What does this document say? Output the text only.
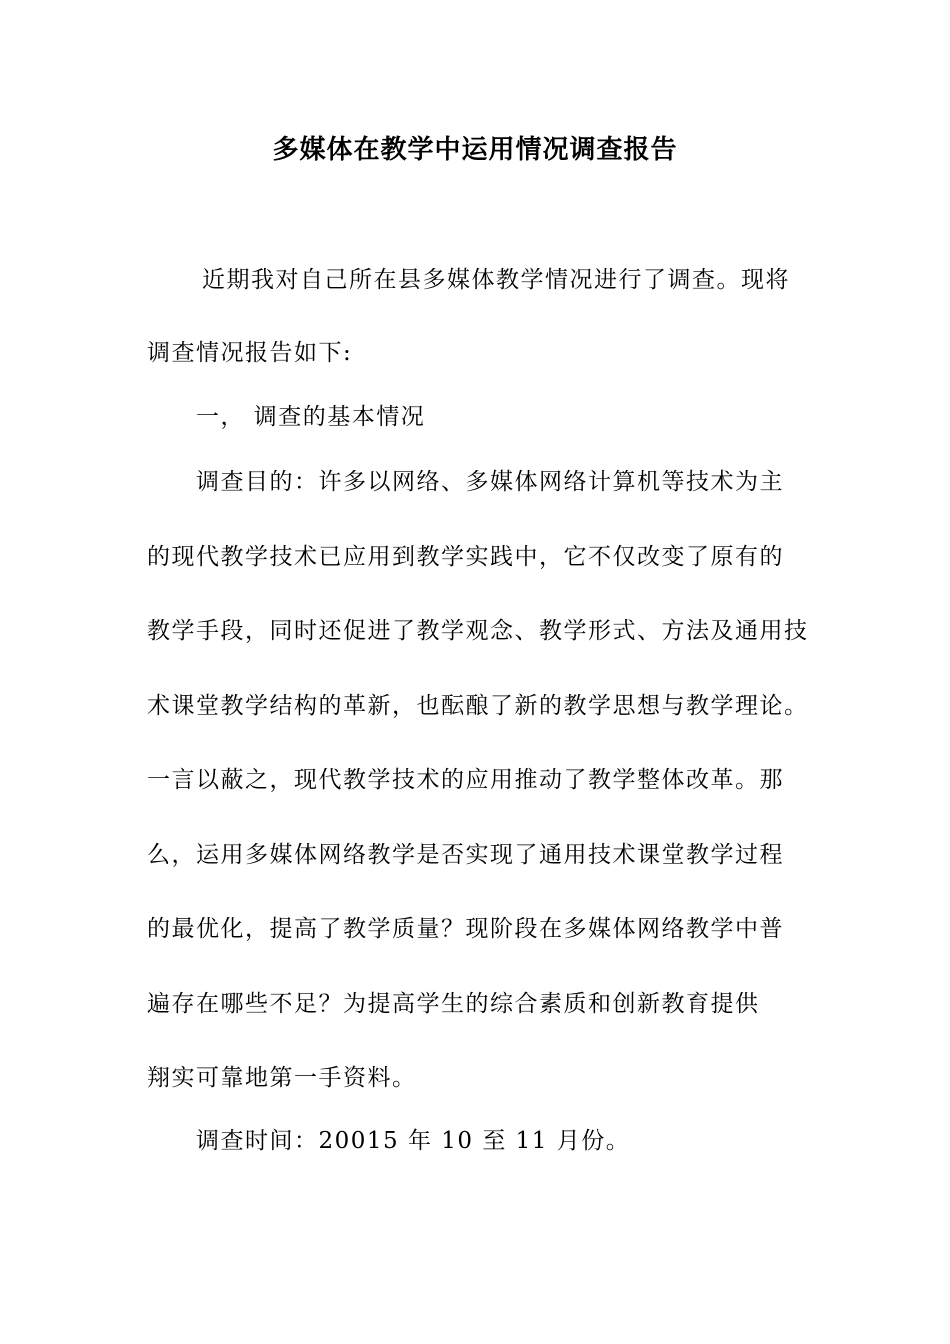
多媒体在教学中运用情况调查报告
近期我对自己所在县多媒体教学情况进行了调查。现将
调查情况报告如下:
一， 调查的基本情况
调查目的：许多以网络、多媒体网络计算机等技术为主
的现代教学技术已应用到教学实践中，它不仅改变了原有的
教学手段，同时还促进了教学观念、教学形式、方法及通用技
术课堂教学结构的革新，也酝酿了新的教学思想与教学理论。
一言以蔽之，现代教学技术的应用推动了教学整体改革。那
么，运用多媒体网络教学是否实现了通用技术课堂教学过程
的最优化，提高了教学质量？现阶段在多媒体网络教学中普
遍存在哪些不足？为提高学生的综合素质和创新教育提供
翔实可靠地第一手资料。
调查时间：20015 年 10 至 11 月份。
